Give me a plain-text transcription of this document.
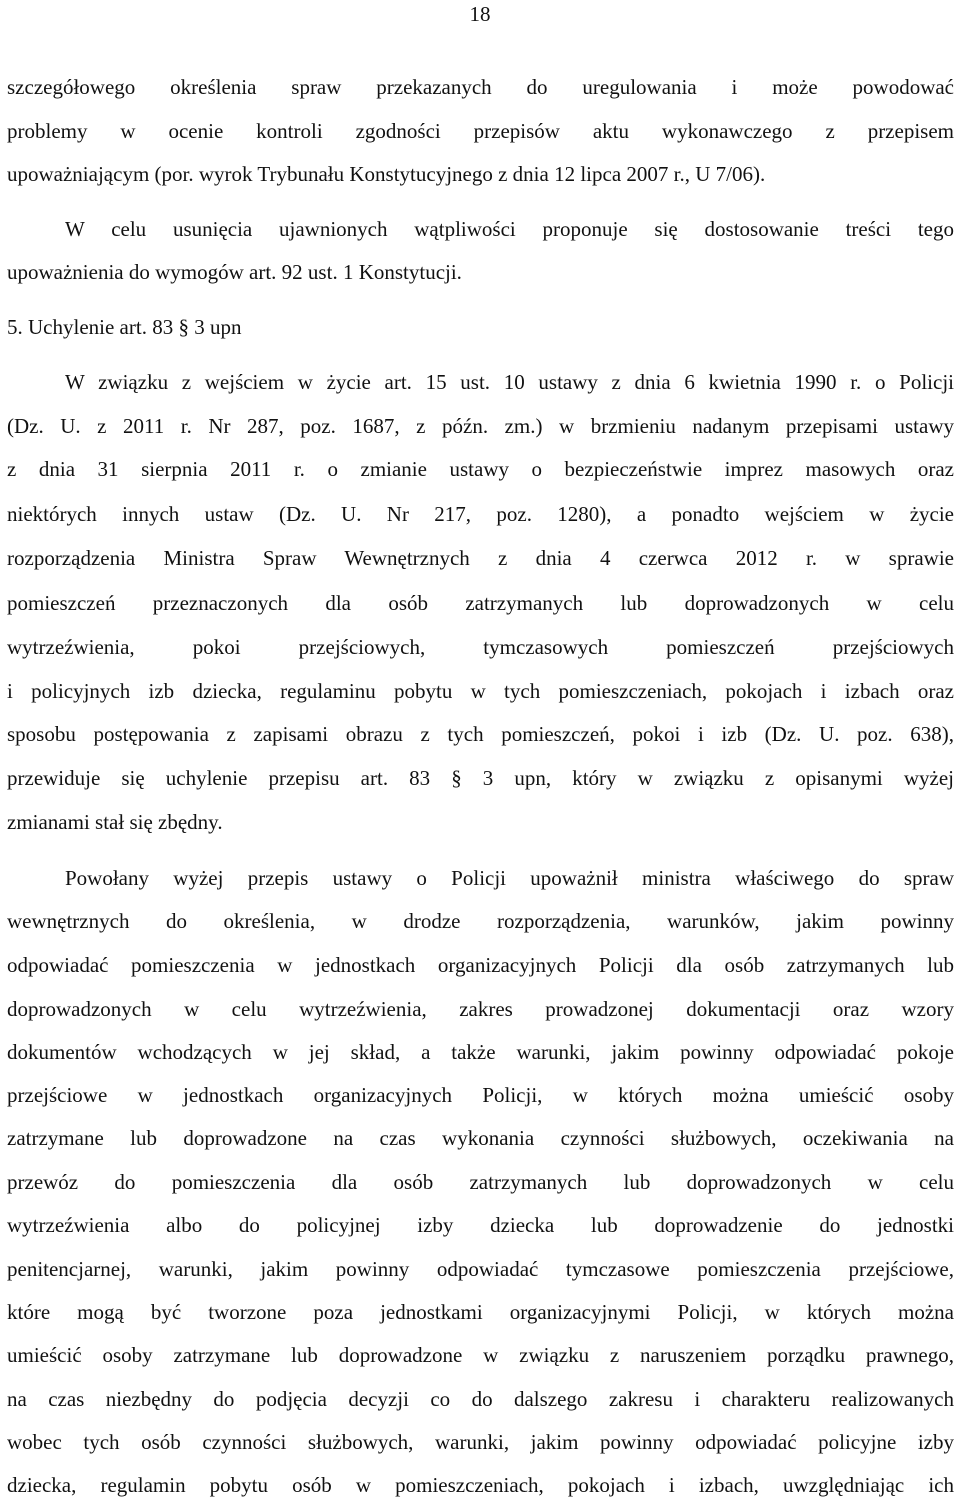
18
szczegółowego określenia spraw przekazanych do uregulowania i może powodować
problemy w ocenie kontroli zgodności przepisów aktu wykonawczego z przepisem
upoważniającym (por. wyrok Trybunału Konstytucyjnego z dnia 12 lipca 2007 r., U 7/06).
W celu usunięcia ujawnionych wątpliwości proponuje się dostosowanie treści tego
upoważnienia do wymogów art. 92 ust. 1 Konstytucji.
5. Uchylenie art. 83 § 3 upn
W związku z wejściem w życie art. 15 ust. 10 ustawy z dnia 6 kwietnia 1990 r. o Policji
(Dz. U. z 2011 r. Nr 287, poz. 1687, z późn. zm.) w brzmieniu nadanym przepisami ustawy
z dnia 31 sierpnia 2011 r. o zmianie ustawy o bezpieczeństwie imprez masowych oraz
niektórych innych ustaw (Dz. U. Nr 217, poz. 1280), a ponadto wejściem w życie
rozporządzenia Ministra Spraw Wewnętrznych z dnia 4 czerwca 2012 r. w sprawie
pomieszczeń przeznaczonych dla osób zatrzymanych lub doprowadzonych w celu
wytrzeźwienia, pokoi przejściowych, tymczasowych pomieszczeń przejściowych
i policyjnych izb dziecka, regulaminu pobytu w tych pomieszczeniach, pokojach i izbach oraz
sposobu postępowania z zapisami obrazu z tych pomieszczeń, pokoi i izb (Dz. U. poz. 638),
przewiduje się uchylenie przepisu art. 83 § 3 upn, który w związku z opisanymi wyżej
zmianami stał się zbędny.
Powołany wyżej przepis ustawy o Policji upoważnił ministra właściwego do spraw
wewnętrznych do określenia, w drodze rozporządzenia, warunków, jakim powinny
odpowiadać pomieszczenia w jednostkach organizacyjnych Policji dla osób zatrzymanych lub
doprowadzonych w celu wytrzeźwienia, zakres prowadzonej dokumentacji oraz wzory
dokumentów wchodzących w jej skład, a także warunki, jakim powinny odpowiadać pokoje
przejściowe w jednostkach organizacyjnych Policji, w których można umieścić osoby
zatrzymane lub doprowadzone na czas wykonania czynności służbowych, oczekiwania na
przewóz do pomieszczenia dla osób zatrzymanych lub doprowadzonych w celu
wytrzeźwienia albo do policyjnej izby dziecka lub doprowadzenie do jednostki
penitencjarnej, warunki, jakim powinny odpowiadać tymczasowe pomieszczenia przejściowe,
które mogą być tworzone poza jednostkami organizacyjnymi Policji, w których można
umieścić osoby zatrzymane lub doprowadzone w związku z naruszeniem porządku prawnego,
na czas niezbędny do podjęcia decyzji co do dalszego zakresu i charakteru realizowanych
wobec tych osób czynności służbowych, warunki, jakim powinny odpowiadać policyjne izby
dziecka, regulamin pobytu osób w pomieszczeniach, pokojach i izbach, uwzględniając ich
